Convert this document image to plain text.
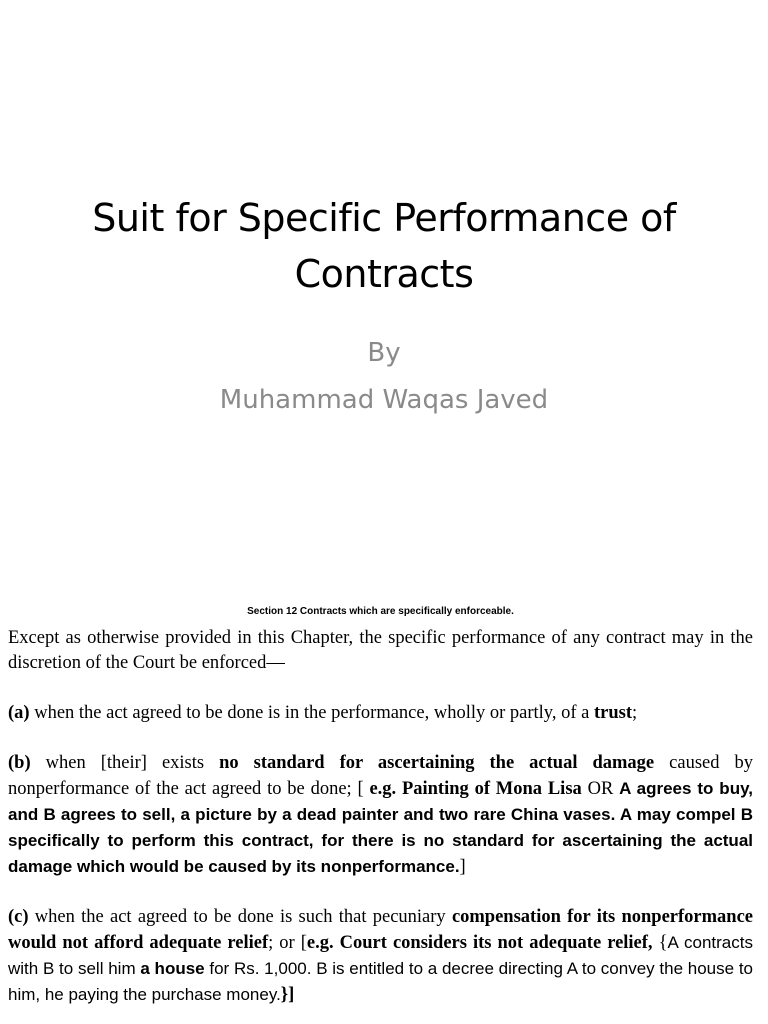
Suit for Specific Performance of Contracts
By
Muhammad Waqas Javed
Section 12 Contracts which are specifically enforceable.

Except as otherwise provided in this Chapter, the specific performance of any contract may in the discretion of the Court be enforced—

(a) when the act agreed to be done is in the performance, wholly or partly, of a trust;

(b) when [their] exists no standard for ascertaining the actual damage caused by nonperformance of the act agreed to be done; [ e.g. Painting of Mona Lisa OR A agrees to buy, and B agrees to sell, a picture by a dead painter and two rare China vases. A may compel B specifically to perform this contract, for there is no standard for ascertaining the actual damage which would be caused by its nonperformance.]

(c) when the act agreed to be done is such that pecuniary compensation for its nonperformance would not afford adequate relief; or [e.g. Court considers its not adequate relief, {A contracts with B to sell him a house for Rs. 1,000. B is entitled to a decree directing A to convey the house to him, he paying the purchase money.}]
